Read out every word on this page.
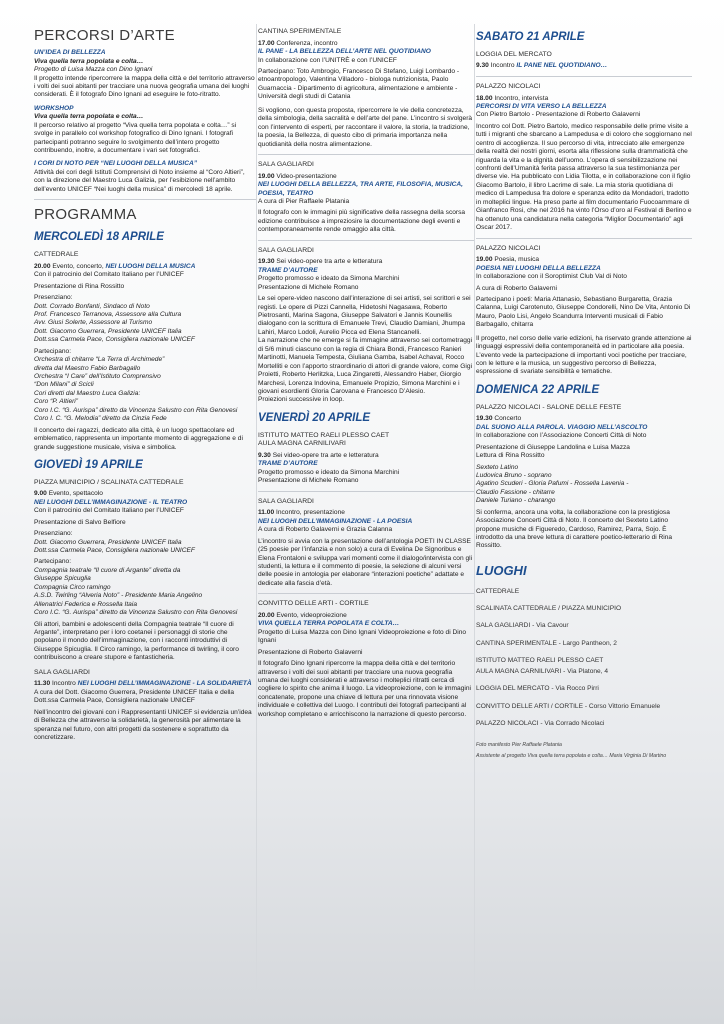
PERCORSI D’ARTE
UN’IDEA DI BELLEZZA
Viva quella terra popolata e colta…
Progetto di Luisa Mazza con Dino Ignani
Il progetto intende ripercorrere la mappa della città e del territorio attraverso i volti dei suoi abitanti per tracciare una nuova geografia umana dei luoghi considerati. È il fotografo Dino Ignani ad eseguire le foto-ritratto.
WORKSHOP
Viva quella terra popolata e colta…
Il percorso relativo al progetto “Viva quella terra popolata e colta…” si svolge in parallelo col workshop fotografico di Dino Ignani. I fotografi partecipanti potranno seguire lo svolgimento dell’intero progetto contribuendo, inoltre, a documentare i vari set fotografici.
I CORI DI NOTO PER “NEI LUOGHI DELLA MUSICA”
Attività dei cori degli Istituti Comprensivi di Noto insieme al “Coro Altieri”, con la direzione del Maestro Luca Galizia, per l’esibizione nell’ambito dell’evento UNICEF “Nei luoghi della musica” di mercoledì 18 aprile.
PROGRAMMA
MERCOLEDÌ 18 APRILE
CATTEDRALE
20.00 Evento, concerto, NEI LUOGHI DELLA MUSICA
Con il patrocinio del Comitato Italiano per l’UNICEF
Presentazione di Rina Rossitto
Presenziano:
Dott. Corrado Bonfanti, Sindaco di Noto
Prof. Francesco Terranova, Assessore alla Cultura
Avv. Giusi Solerte, Assessore al Turismo
Dott. Giacomo Guerrera, Presidente UNICEF Italia
Dott.ssa Carmela Pace, Consigliera nazionale UNICEF
Partecipano:
Orchestra di chitarre “La Terra di Archimede”
diretta dal Maestro Fabio Barbagallo
Orchestra “I Care” dell’Istituto Comprensivo
“Don Milani” di Scicli
Cori diretti dal Maestro Luca Galizia:
Coro “P. Altieri”
Coro I.C. “G. Aurispa” diretto da Vincenza Salustro con Rita Genovesi
Coro I. C. “G. Melodia” diretto da Cinzia Fede

Il concerto dei ragazzi, dedicato alla città, è un luogo spettacolare ed emblematico, rappresenta un importante momento di aggregazione e di grande suggestione musicale, visiva e simbolica.

GIOVEDÌ 19 APRILE
PIAZZA MUNICIPIO / SCALINATA CATTEDRALE
9.00 Evento, spettacolo
NEI LUOGHI DELL’IMMAGINAZIONE - IL TEATRO
Con il patrocinio del Comitato Italiano per l’UNICEF
Presentazione di Salvo Belfiore
Presenziano:
Dott. Giacomo Guerrera, Presidente UNICEF Italia
Dott.ssa Carmela Pace, Consigliera nazionale UNICEF
Partecipano:
Compagnia teatrale “Il cuore di Argante” diretta da
Giuseppe Spicuglia
Compagnia Circo ramingo
A.S.D. Twirling “Alveria Noto” - Presidente Maria Angelino
Allenatrici Federica e Rossella Itaia
Coro I.C. “G. Aurispa” diretto da Vincenza Salustro con Rita Genovesi

Gli attori, bambini e adolescenti della Compagnia teatrale “Il cuore di Argante”, interpretano per i loro coetanei i personaggi di storie che popolano il mondo dell’immaginazione, con i racconti introduttivi di Giuseppe Spicuglia. Il Circo ramingo, la performance di twirling, il coro contribuiscono a creare stupore e fantasticheria.

SALA GAGLIARDI
11.30 Incontro NEI LUOGHI DELL’IMMAGINAZIONE - LA SOLIDARIETÀ
A cura del Dott. Giacomo Guerrera, Presidente UNICEF Italia e della Dott.ssa Carmela Pace, Consigliera nazionale UNICEF

Nell’incontro dei giovani con i Rappresentanti UNICEF si evidenzia un’idea di Bellezza che attraverso la solidarietà, la generosità per alimentare la speranza nel futuro, con altri progetti da sostenere e soprattutto da concretizzare.

CANTINA SPERIMENTALE
17.00 Conferenza, incontro
IL PANE - LA BELLEZZA DELL’ARTE NEL QUOTIDIANO
In collaborazione con l’UNITRÈ e con l’UNICEF

Partecipano: Toto Ambrogio, Francesco Di Stefano, Luigi Lombardo - etnoantropologo, Valentina Villadoro - biologa nutrizionista, Paolo Guarnaccia - Dipartimento di agricoltura, alimentazione e ambiente - Università degli studi di Catania

Si vogliono, con questa proposta, ripercorrere le vie della concretezza, della simbologia, della sacralità e dell’arte del pane. L’incontro si svolgerà con l’intervento di esperti, per raccontare il valore, la storia, la tradizione, la poesia, la Bellezza, di questo cibo di primaria importanza nella quotidianità della nostra alimentazione.

SALA GAGLIARDI
19.00 Video-presentazione
NEI LUOGHI DELLA BELLEZZA, TRA ARTE, FILOSOFIA, MUSICA, POESIA, TEATRO
A cura di Pier Raffaele Platania

Il fotografo con le immagini più significative della rassegna della scorsa edizione contribuisce a impreziosire la documentazione degli eventi e contemporaneamente rende omaggio alla città.

SALA GAGLIARDI
19.30 Sei video-opere tra arte e letteratura
TRAME D’AUTORE
Progetto promosso e ideato da Simona Marchini
Presentazione di Michele Romano

Le sei opere-video nascono dall’interazione di sei artisti, sei scrittori e sei registi. Le opere di Pizzi Cannella, Hidetoshi Nagasawa, Roberto Pietrosanti, Marina Sagona, Giuseppe Salvatori e Jannis Kounellis dialogano con la scrittura di Emanuele Trevi, Claudio Damiani, Jhumpa Lahiri, Marco Lodoli, Aurelio Picca ed Elena Stancanelli.

La narrazione che ne emerge si fa immagine attraverso sei cortometraggi di 5/6 minuti ciascuno con la regia di Chiara Bondi, Francesco Ranieri Martinotti, Manuela Tempesta, Giuliana Gamba, Isabel Achaval, Rocco Mortelliti e con l’apporto straordinario di attori di grande valore, come Gigi Proietti, Roberto Herlitzka, Luca Zingaretti, Alessandro Haber, Giorgio Marchesi, Lorenza Indovina, Emanuele Propizio, Simona Marchini e i giovani esordienti Gloria Carovana e Francesco D’Alesio.

Proiezioni successive in loop.

VENERDÌ 20 APRILE
ISTITUTO MATTEO RAELI PLESSO CAET
AULA MAGNA CARNILIVARI
9.30 Sei video-opere tra arte e letteratura
TRAME D’AUTORE
Progetto promosso e ideato da Simona Marchini
Presentazione di Michele Romano
SALA GAGLIARDI
11.00 Incontro, presentazione
NEI LUOGHI DELL’IMMAGINAZIONE - LA POESIA
A cura di Roberto Galaverni e Grazia Calanna

L’incontro si avvia con la presentazione dell’antologia POETI IN CLASSE (25 poesie per l’infanzia e non solo) a cura di Evelina De Signoribus e Elena Frontaloni e sviluppa vari momenti come il dialogo/intervista con gli studenti, la lettura e il commento di poesie, la selezione di alcuni versi delle poesie in antologia per elaborare “interazioni poetiche” adattate e dedicate alla fascia d’età.

CONVITTO DELLE ARTI - CORTILE
20.00 Evento, videoproiezione
VIVA QUELLA TERRA POPOLATA E COLTA…
Progetto di Luisa Mazza con Dino Ignani Videoproiezione e foto di Dino Ignani
Presentazione di Roberto Galaverni

Il fotografo Dino Ignani ripercorre la mappa della città e del territorio attraverso i volti dei suoi abitanti per tracciare una nuova geografia umana dei luoghi considerati e attraverso i molteplici ritratti cerca di cogliere lo spirito che anima il luogo. La videoproiezione, con le immagini concatenate, propone una chiave di lettura per una rinnovata visione individuale e collettiva del Luogo. I contributi dei fotografi partecipanti al workshop completano e arricchiscono la narrazione di questo percorso.

SABATO 21 APRILE
LOGGIA DEL MERCATO
9.30 Incontro IL PANE NEL QUOTIDIANO…
PALAZZO NICOLACI
18.00 Incontro, intervista
PERCORSI DI VITA VERSO LA BELLEZZA
Con Pietro Bartolo - Presentazione di Roberto Galaverni

Incontro col Dott. Pietro Bartolo, medico responsabile delle prime visite a tutti i migranti che sbarcano a Lampedusa e di coloro che soggiornano nel centro di accoglienza. Il suo percorso di vita, intrecciato alle emergenze della realtà dei nostri giorni, esorta alla riflessione sulla drammaticità che riguarda la vita e la dignità dell’uomo. L’opera di sensibilizzazione nei confronti dell’Umanità ferita passa attraverso la sua testimonianza per diverse vie. Ha pubblicato con Lidia Tilotta, e in collaborazione con il figlio Giacomo Bartolo, il libro Lacrime di sale. La mia storia quotidiana di medico di Lampedusa fra dolore e speranza edito da Mondadori, tradotto in molteplici lingue. Ha preso parte al film documentario Fuocoammare di Gianfranco Rosi, che nel 2016 ha vinto l’Orso d’oro al Festival di Berlino e ha ottenuto una candidatura nella categoria “Miglior Documentario” agli Oscar 2017.

PALAZZO NICOLACI
19.00 Poesia, musica
POESIA NEI LUOGHI DELLA BELLEZZA
In collaborazione con il Soroptimist Club Val di Noto
A cura di Roberto Galaverni

Partecipano i poeti: Maria Attanasio, Sebastiano Burgaretta, Grazia Calanna, Luigi Carotenuto, Giuseppe Condorelli, Nino De Vita, Antonio Di Mauro, Paolo Lisi, Angelo Scandurra Interventi musicali di Fabio Barbagallo, chitarra

Il progetto, nel corso delle varie edizioni, ha riservato grande attenzione ai linguaggi espressivi della contemporaneità ed in particolare alla poesia. L’evento vede la partecipazione di importanti voci poetiche per tracciare, con le letture e la musica, un suggestivo percorso di Bellezza, espressione di svariate sensibilità e tematiche.

DOMENICA 22 APRILE
PALAZZO NICOLACI - SALONE DELLE FESTE
19.30 Concerto
DAL SUONO ALLA PAROLA. VIAGGIO NELL’ASCOLTO
In collaborazione con l’Associazione Concerti Città di Noto
Presentazione di Giuseppe Landolina e Luisa Mazza
Lettura di Rina Rossitto
Sexteto Latino
Ludovica Bruno - soprano
Agatino Scuderi - Gloria Pafumi - Rossella Lavenia -
Claudio Fassione - chitarre
Daniele Turiano - charango

Si conferma, ancora una volta, la collaborazione con la prestigiosa Associazione Concerti Città di Noto. Il concerto del Sexteto Latino propone musiche di Figueredo, Cardoso, Ramirez, Parra, Sojo. È introdotto da una breve lettura di carattere poetico-letterario di Rina Rossitto.

LUOGHI
CATTEDRALE
SCALINATA CATTEDRALE / PIAZZA MUNICIPIO
SALA GAGLIARDI - Via Cavour
CANTINA SPERIMENTALE - Largo Pantheon, 2
ISTITUTO MATTEO RAELI PLESSO CAET
AULA MAGNA CARNILIVARI - Via Platone, 4
LOGGIA DEL MERCATO - Via Rocco Pirri
CONVITTO DELLE ARTI / CORTILE - Corso Vittorio Emanuele
PALAZZO NICOLACI - Via Corrado Nicolaci
Foto manifesto Pier Raffaele Platania
Assistente al progetto Viva quella terra popolata e colta… Maria Virginia Di Martino
